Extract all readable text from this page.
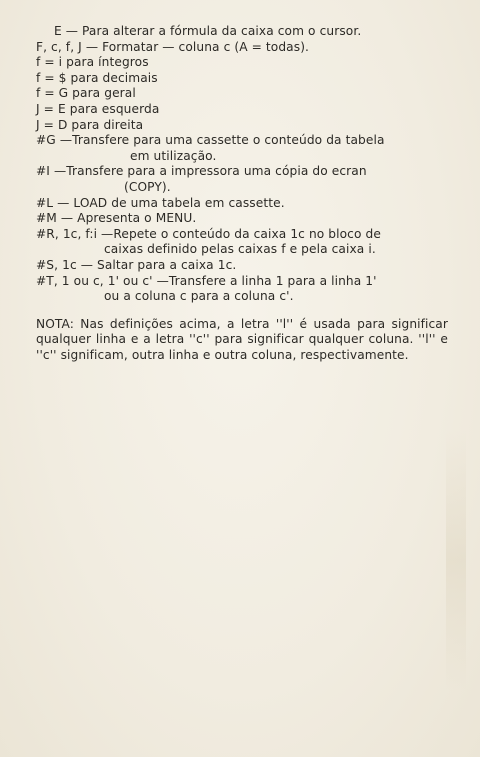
E — Para alterar a fórmula da caixa com o cursor.
F, c, f, J — Formatar — coluna c (A = todas).
f = i para íntegros
f = $ para decimais
f = G para geral
J = E para esquerda
J = D para direita
#G — Transfere para uma cassette o conteúdo da tabela
em utilização.
#I — Transfere para a impressora uma cópia do ecran
(COPY).
#L — LOAD de uma tabela em cassette.
#M — Apresenta o MENU.
#R, 1c, f:i — Repete o conteúdo da caixa 1c no bloco de
caixas definido pelas caixas f e pela caixa i.
#S, 1c — Saltar para a caixa 1c.
#T, 1 ou c, 1' ou c' — Transfere a linha 1 para a linha 1'
ou a coluna c para a coluna c'.
NOTA: Nas definições acima, a letra ''l'' é usada para significar qualquer linha e a letra ''c'' para significar qualquer coluna. ''l'' e ''c'' significam, outra linha e outra coluna, respectivamente.
